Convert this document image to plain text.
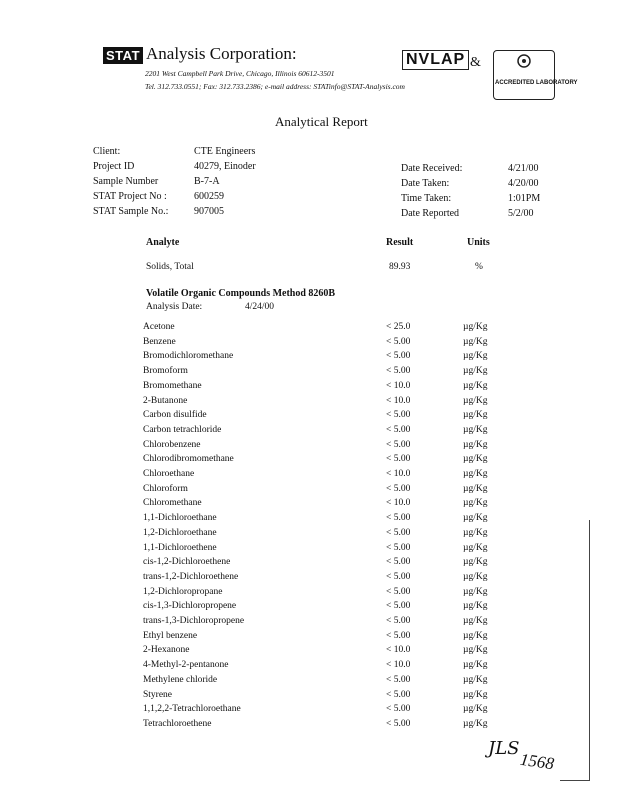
STAT Analysis Corporation:
2201 West Campbell Park Drive, Chicago, Illinois 60612-3501
Tel. 312.733.0551; Fax: 312.733.2386; e-mail address: STATinfo@STAT-Analysis.com
NVLAP &
ACCREDITED LABORATORY
Analytical Report
Client:	CTE Engineers
Project ID	40279, Einoder
Sample Number	B-7-A
STAT Project No :	600259
STAT Sample No.:	907005
Date Received:	4/21/00
Date Taken:	4/20/00
Time Taken:	1:01PM
Date Reported	5/2/00
Analyte	Result	Units
Solids, Total	89.93	%
Volatile Organic Compounds Method 8260B
Analysis Date:	4/24/00
Acetone	< 25.0	µg/Kg
Benzene	< 5.00	µg/Kg
Bromodichloromethane	< 5.00	µg/Kg
Bromoform	< 5.00	µg/Kg
Bromomethane	< 10.0	µg/Kg
2-Butanone	< 10.0	µg/Kg
Carbon disulfide	< 5.00	µg/Kg
Carbon tetrachloride	< 5.00	µg/Kg
Chlorobenzene	< 5.00	µg/Kg
Chlorodibromomethane	< 5.00	µg/Kg
Chloroethane	< 10.0	µg/Kg
Chloroform	< 5.00	µg/Kg
Chloromethane	< 10.0	µg/Kg
1,1-Dichloroethane	< 5.00	µg/Kg
1,2-Dichloroethane	< 5.00	µg/Kg
1,1-Dichloroethene	< 5.00	µg/Kg
cis-1,2-Dichloroethene	< 5.00	µg/Kg
trans-1,2-Dichloroethene	< 5.00	µg/Kg
1,2-Dichloropropane	< 5.00	µg/Kg
cis-1,3-Dichloropropene	< 5.00	µg/Kg
trans-1,3-Dichloropropene	< 5.00	µg/Kg
Ethyl benzene	< 5.00	µg/Kg
2-Hexanone	< 10.0	µg/Kg
4-Methyl-2-pentanone	< 10.0	µg/Kg
Methylene chloride	< 5.00	µg/Kg
Styrene	< 5.00	µg/Kg
1,1,2,2-Tetrachloroethane	< 5.00	µg/Kg
Tetrachloroethene	< 5.00	µg/Kg
JLS
1568
